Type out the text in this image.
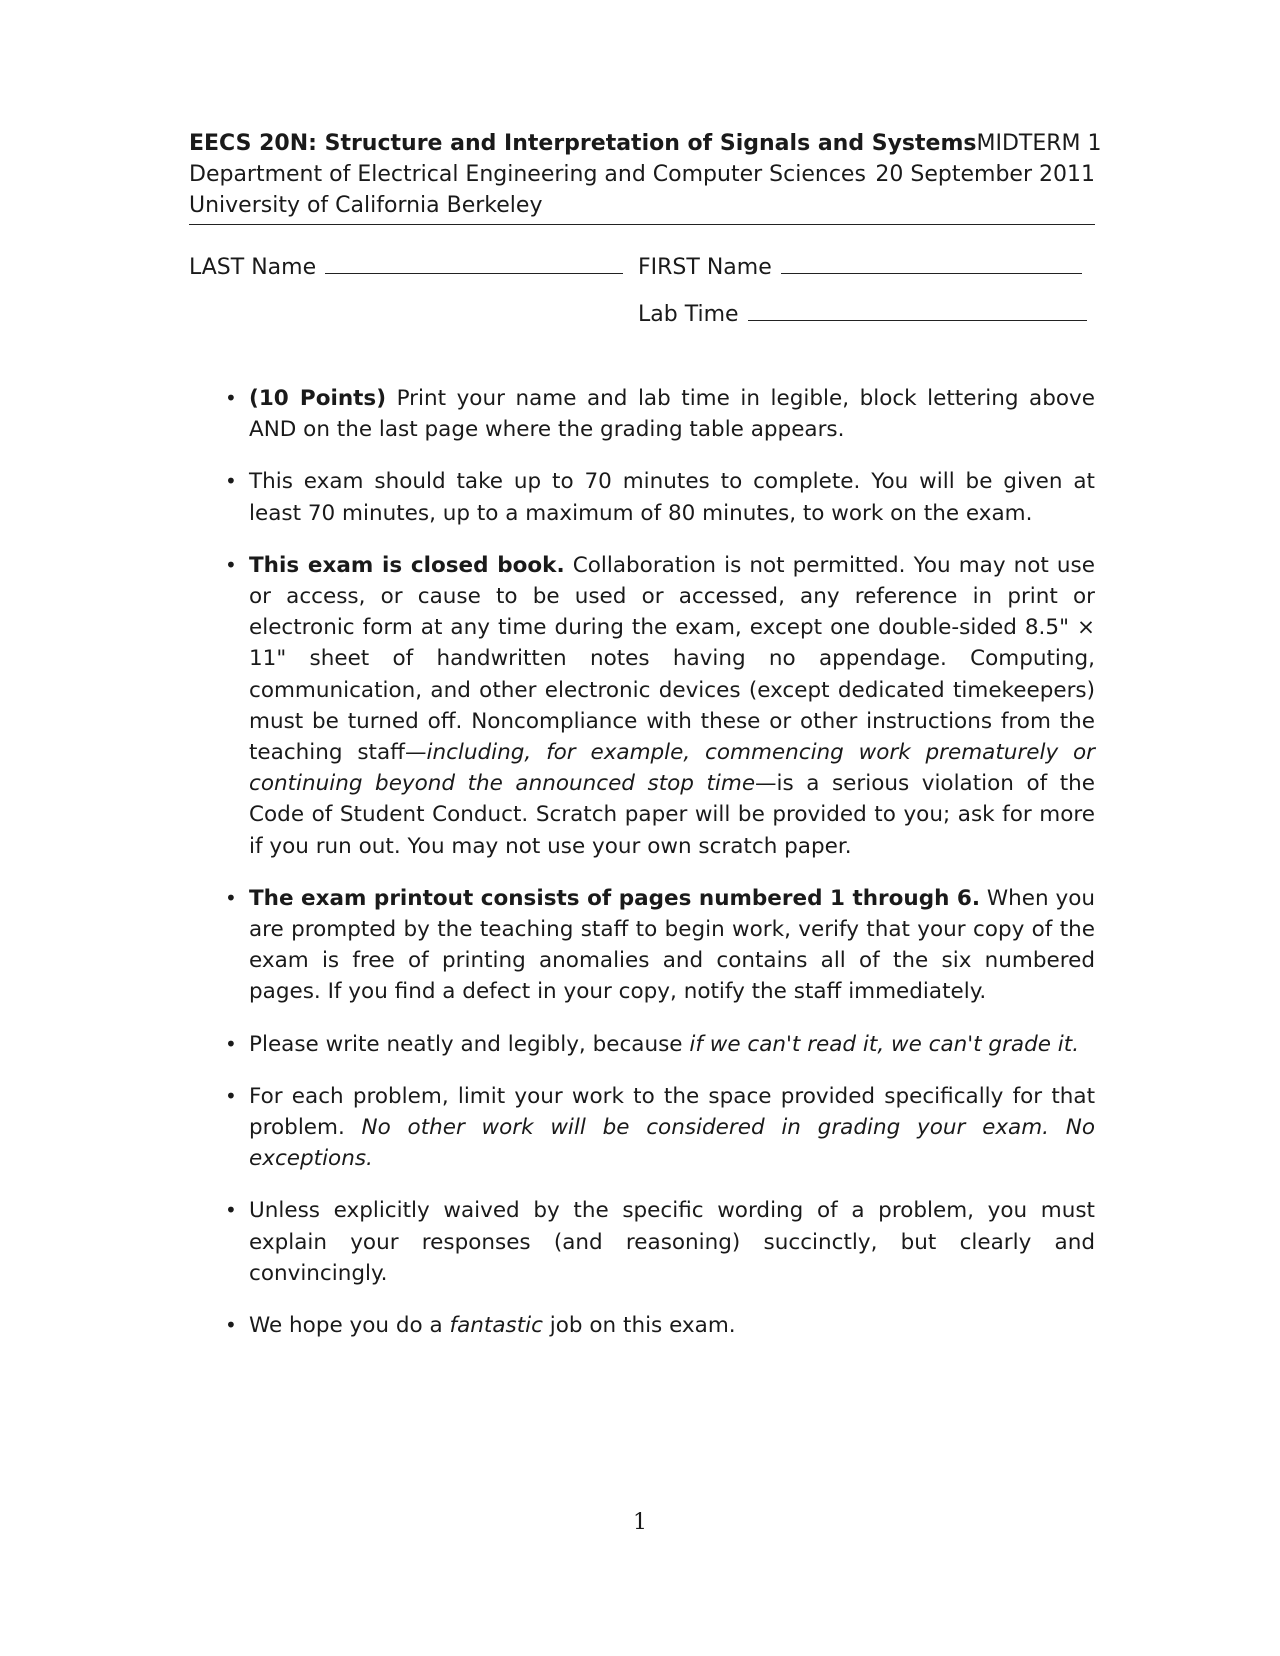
EECS 20N: Structure and Interpretation of Signals and Systems MIDTERM 1
Department of Electrical Engineering and Computer Sciences 20 September 2011
University of California Berkeley
LAST Name	FIRST Name
Lab Time
• (10 Points) Print your name and lab time in legible, block lettering above AND on the last page where the grading table appears.
• This exam should take up to 70 minutes to complete. You will be given at least 70 minutes, up to a maximum of 80 minutes, to work on the exam.
• This exam is closed book. Collaboration is not permitted. You may not use or access, or cause to be used or accessed, any reference in print or electronic form at any time during the exam, except one double-sided 8.5" × 11" sheet of handwritten notes having no appendage. Computing, communication, and other electronic devices (except dedicated timekeepers) must be turned off. Noncompliance with these or other instructions from the teaching staff—including, for example, commencing work prematurely or continuing beyond the announced stop time—is a serious violation of the Code of Student Conduct. Scratch paper will be provided to you; ask for more if you run out. You may not use your own scratch paper.
• The exam printout consists of pages numbered 1 through 6. When you are prompted by the teaching staff to begin work, verify that your copy of the exam is free of printing anomalies and contains all of the six numbered pages. If you find a defect in your copy, notify the staff immediately.
• Please write neatly and legibly, because if we can't read it, we can't grade it.
• For each problem, limit your work to the space provided specifically for that problem. No other work will be considered in grading your exam. No exceptions.
• Unless explicitly waived by the specific wording of a problem, you must explain your responses (and reasoning) succinctly, but clearly and convincingly.
• We hope you do a fantastic job on this exam.
1
